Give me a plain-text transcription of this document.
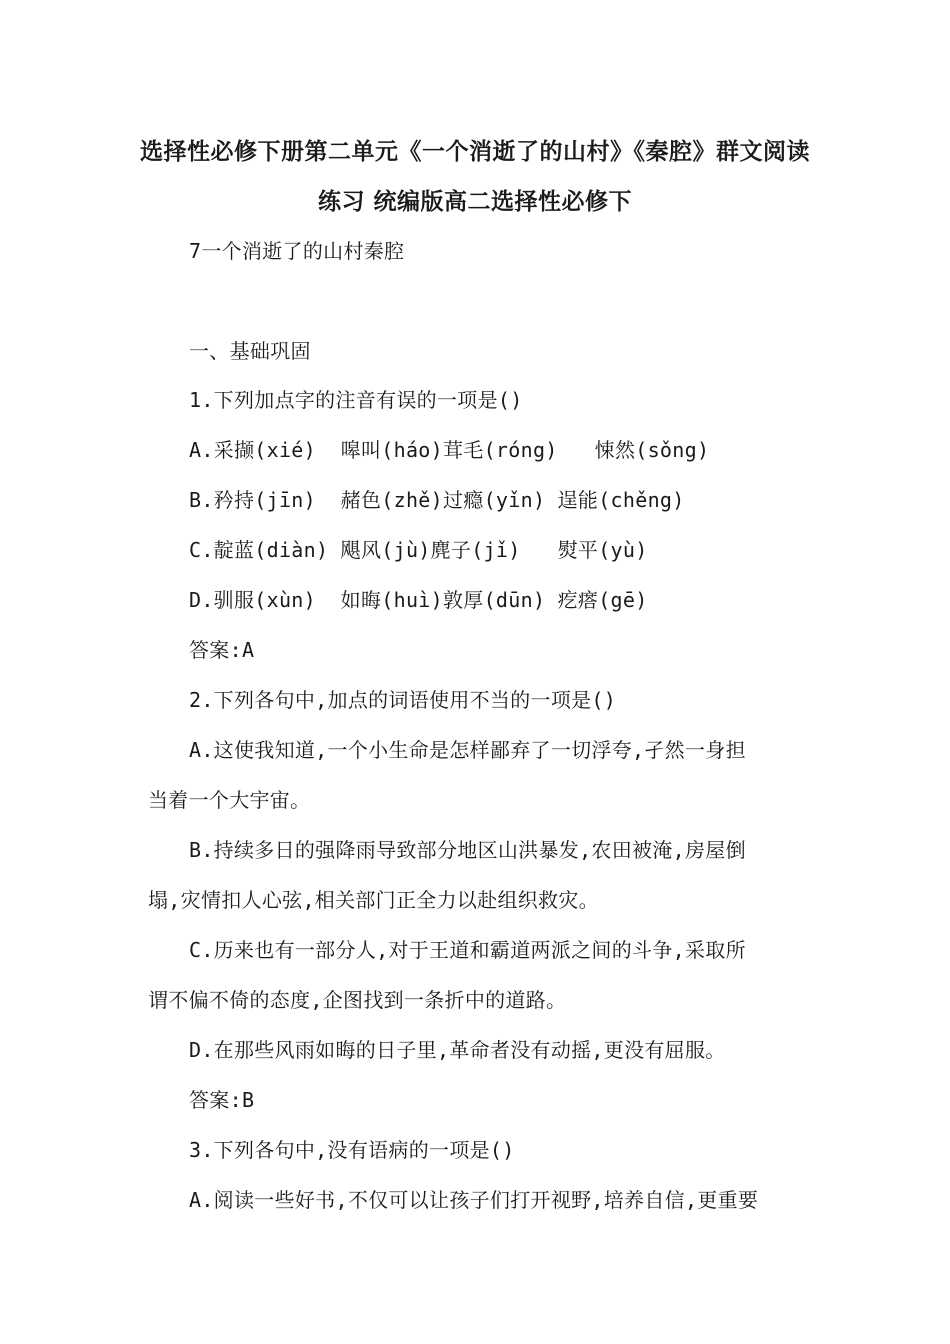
选择性必修下册第二单元《一个消逝了的山村》《秦腔》群文阅读
练习 统编版高二选择性必修下
7一个消逝了的山村秦腔
一、基础巩固
1.下列加点字的注音有误的一项是()
A.采撷(xié)  嗥叫(háo)茸毛(róng)   悚然(sǒng)
B.矜持(jīn)  赭色(zhě)过瘾(yǐn) 逞能(chěng)
C.靛蓝(diàn) 飓风(jù)麂子(jǐ)   熨平(yù)
D.驯服(xùn)  如晦(huì)敦厚(dūn) 疙瘩(gē)
答案:A
2.下列各句中,加点的词语使用不当的一项是()
A.这使我知道,一个小生命是怎样鄙弃了一切浮夸,孑然一身担
当着一个大宇宙。
B.持续多日的强降雨导致部分地区山洪暴发,农田被淹,房屋倒
塌,灾情扣人心弦,相关部门正全力以赴组织救灾。
C.历来也有一部分人,对于王道和霸道两派之间的斗争,采取所
谓不偏不倚的态度,企图找到一条折中的道路。
D.在那些风雨如晦的日子里,革命者没有动摇,更没有屈服。
答案:B
3.下列各句中,没有语病的一项是()
A.阅读一些好书,不仅可以让孩子们打开视野,培养自信,更重要
